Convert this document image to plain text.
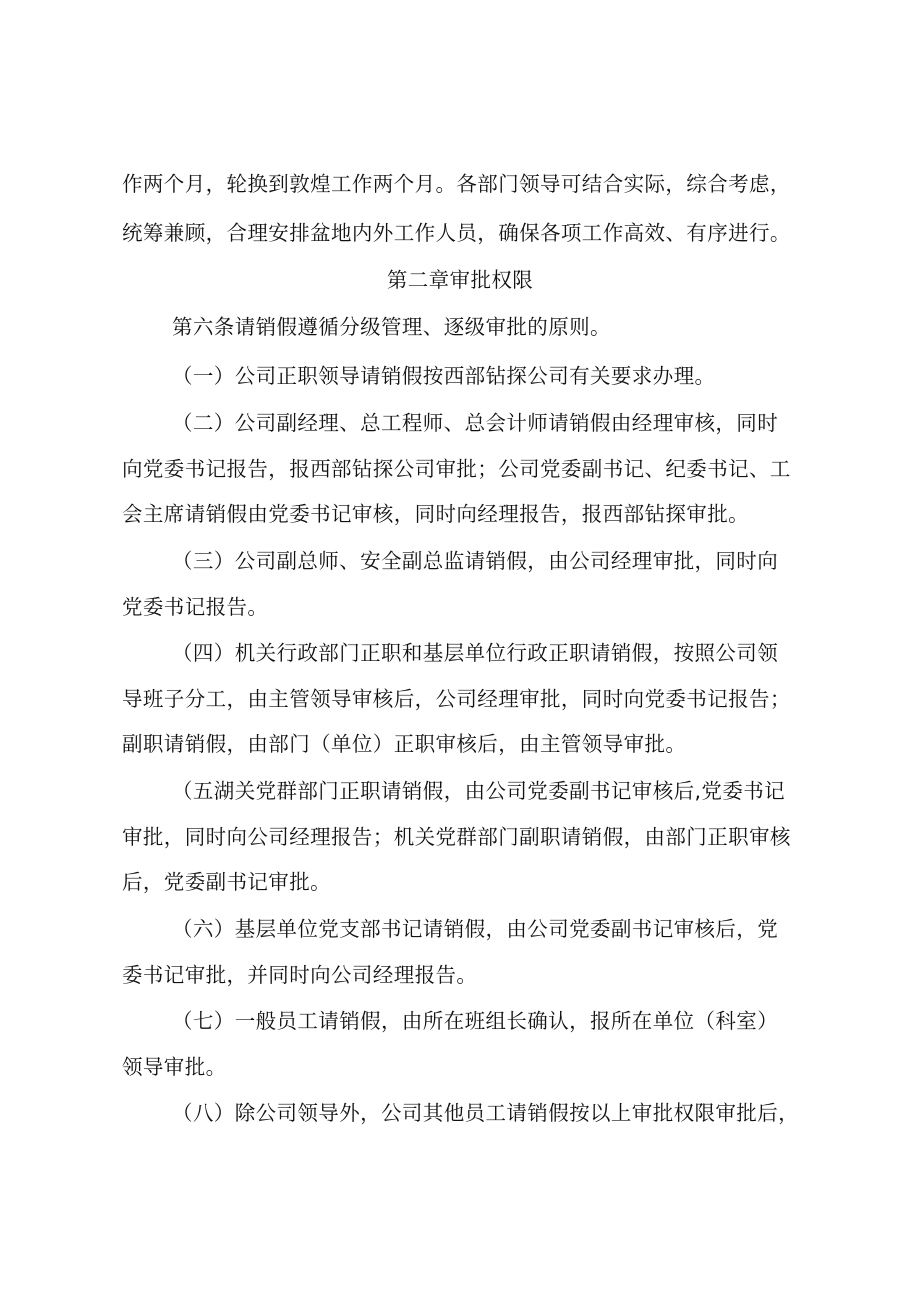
作两个月，轮换到敦煌工作两个月。各部门领导可结合实际，综合考虑，
统筹兼顾，合理安排盆地内外工作人员，确保各项工作高效、有序进行。
第二章审批权限
第六条请销假遵循分级管理、逐级审批的原则。
（一）公司正职领导请销假按西部钻探公司有关要求办理。
（二）公司副经理、总工程师、总会计师请销假由经理审核，同时
向党委书记报告，报西部钻探公司审批；公司党委副书记、纪委书记、工
会主席请销假由党委书记审核，同时向经理报告，报西部钻探审批。
（三）公司副总师、安全副总监请销假，由公司经理审批，同时向
党委书记报告。
（四）机关行政部门正职和基层单位行政正职请销假，按照公司领
导班子分工，由主管领导审核后，公司经理审批，同时向党委书记报告；
副职请销假，由部门（单位）正职审核后，由主管领导审批。
（五湖关党群部门正职请销假，由公司党委副书记审核后,党委书记
审批，同时向公司经理报告；机关党群部门副职请销假，由部门正职审核
后，党委副书记审批。
（六）基层单位党支部书记请销假，由公司党委副书记审核后，党
委书记审批，并同时向公司经理报告。
（七）一般员工请销假，由所在班组长确认，报所在单位（科室）
领导审批。
（八）除公司领导外，公司其他员工请销假按以上审批权限审批后，
